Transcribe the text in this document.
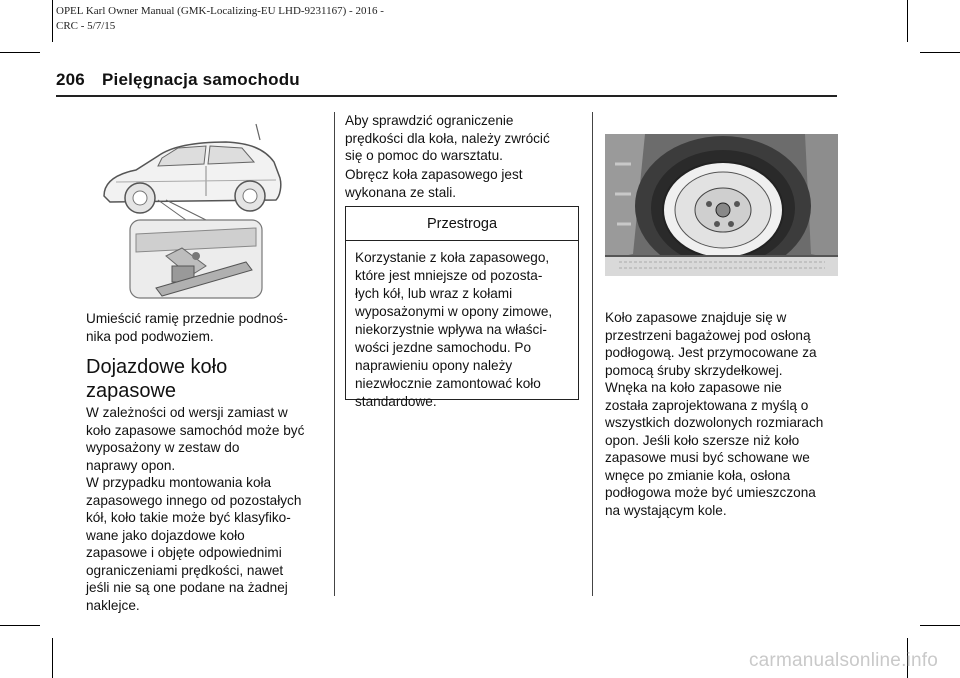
OPEL Karl Owner Manual (GMK-Localizing-EU LHD-9231167) - 2016 -
CRC - 5/7/15
206 Pielęgnacja samochodu
Umieścić ramię przednie podnoś-
nika pod podwoziem.
Dojazdowe koło
zapasowe
W zależności od wersji zamiast w
koło zapasowe samochód może być
wyposażony w zestaw do
naprawy opon.
W przypadku montowania koła
zapasowego innego od pozostałych
kół, koło takie może być klasyfiko-
wane jako dojazdowe koło
zapasowe i objęte odpowiednimi
ograniczeniami prędkości, nawet
jeśli nie są one podane na żadnej
naklejce.
Aby sprawdzić ograniczenie
prędkości dla koła, należy zwrócić
się o pomoc do warsztatu.
Obręcz koła zapasowego jest
wykonana ze stali.
Przestroga
Korzystanie z koła zapasowego,
które jest mniejsze od pozosta-
łych kół, lub wraz z kołami
wyposażonymi w opony zimowe,
niekorzystnie wpływa na właści-
wości jezdne samochodu. Po
naprawieniu opony należy
niezwłocznie zamontować koło
standardowe.
Koło zapasowe znajduje się w
przestrzeni bagażowej pod osłoną
podłogową. Jest przymocowane za
pomocą śruby skrzydełkowej.
Wnęka na koło zapasowe nie
została zaprojektowana z myślą o
wszystkich dozwolonych rozmiarach
opon. Jeśli koło szersze niż koło
zapasowe musi być schowane we
wnęce po zmianie koła, osłona
podłogowa może być umieszczona
na wystającym kole.
carmanualsonline.info
